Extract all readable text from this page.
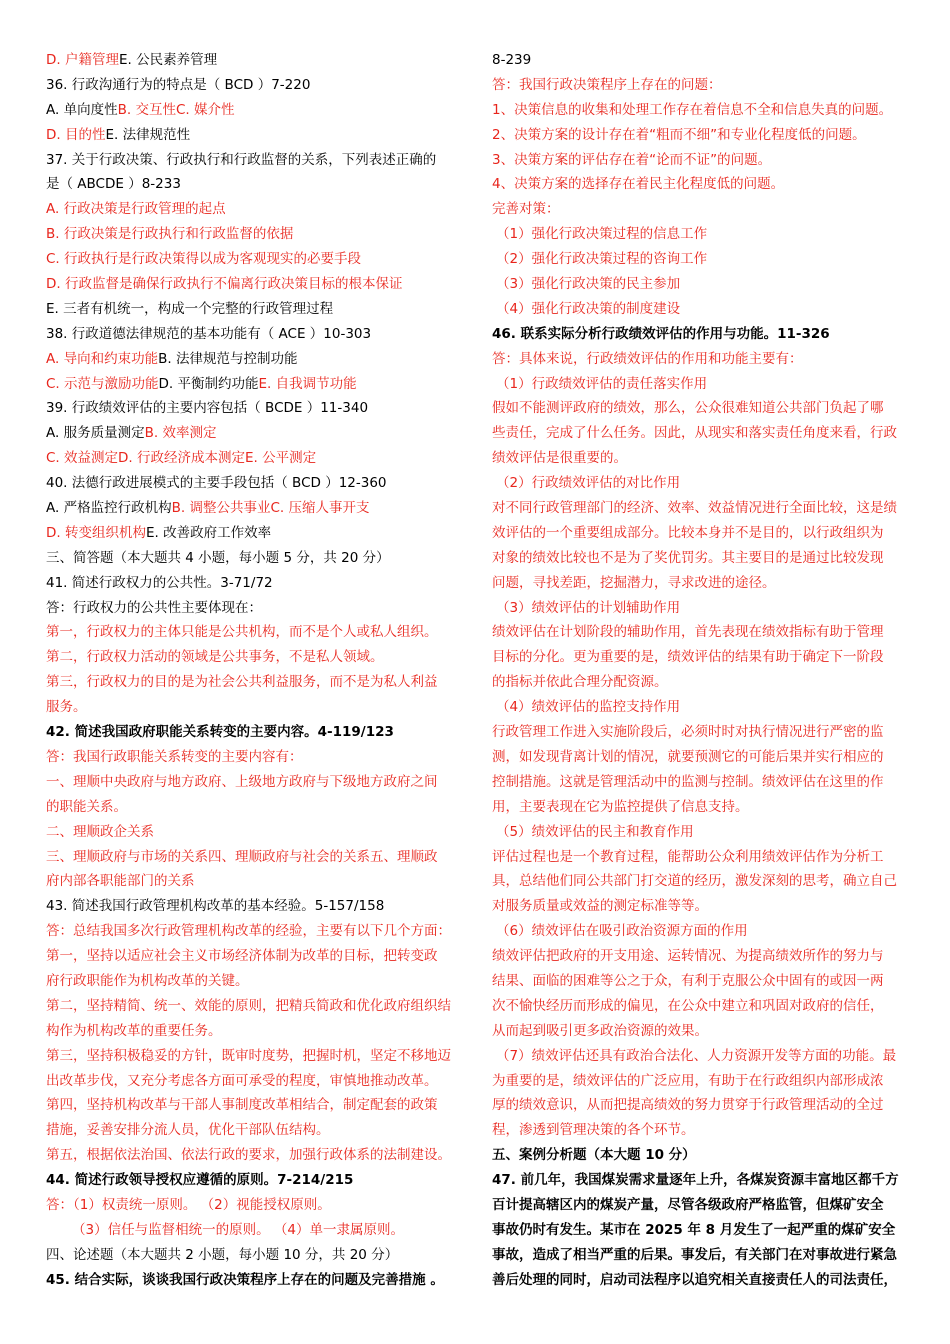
D. 户籍管理E. 公民素养管理
36. 行政沟通行为的特点是（ BCD ）7-220
A. 单向度性B. 交互性C. 媒介性
D. 目的性E. 法律规范性
37. 关于行政决策、行政执行和行政监督的关系，下列表述正确的
是（ ABCDE ）8-233
A. 行政决策是行政管理的起点
B. 行政决策是行政执行和行政监督的依据
C. 行政执行是行政决策得以成为客观现实的必要手段
D. 行政监督是确保行政执行不偏离行政决策目标的根本保证
E. 三者有机统一，构成一个完整的行政管理过程
38. 行政道德法律规范的基本功能有（ ACE ）10-303
A. 导向和约束功能B. 法律规范与控制功能
C. 示范与激励功能D. 平衡制约功能E. 自我调节功能
39. 行政绩效评估的主要内容包括（ BCDE ）11-340
A. 服务质量测定B. 效率测定
C. 效益测定D. 行政经济成本测定E. 公平测定
40. 法德行政进展模式的主要手段包括（ BCD ）12-360
A. 严格监控行政机构B. 调整公共事业C. 压缩人事开支
D. 转变组织机构E. 改善政府工作效率
三、简答题（本大题共 4 小题，每小题 5 分，共 20 分）
41. 简述行政权力的公共性。3-71/72
答：行政权力的公共性主要体现在：
第一，行政权力的主体只能是公共机构，而不是个人或私人组织。
第二，行政权力活动的领域是公共事务，不是私人领域。
第三，行政权力的目的是为社会公共利益服务，而不是为私人利益
服务。
42. 简述我国政府职能关系转变的主要内容。4-119/123
答：我国行政职能关系转变的主要内容有：
一、理顺中央政府与地方政府、上级地方政府与下级地方政府之间
的职能关系。
二、理顺政企关系
三、理顺政府与市场的关系四、理顺政府与社会的关系五、理顺政
府内部各职能部门的关系
43. 简述我国行政管理机构改革的基本经验。5-157/158
答：总结我国多次行政管理机构改革的经验，主要有以下几个方面：
第一，坚持以适应社会主义市场经济体制为改革的目标，把转变政
府行政职能作为机构改革的关键。
第二，坚持精简、统一、效能的原则，把精兵简政和优化政府组织结
构作为机构改革的重要任务。
第三，坚持积极稳妥的方针，既审时度势，把握时机，坚定不移地迈
出改革步伐，又充分考虑各方面可承受的程度，审慎地推动改革。
第四，坚持机构改革与干部人事制度改革相结合，制定配套的政策
措施，妥善安排分流人员，优化干部队伍结构。
第五，根据依法治国、依法行政的要求，加强行政体系的法制建设。
44. 简述行政领导授权应遵循的原则。7-214/215
答：（1）权责统一原则。 （2）视能授权原则。
（3）信任与监督相统一的原则。 （4）单一隶属原则。
四、论述题（本大题共 2 小题，每小题 10 分，共 20 分）
45. 结合实际，谈谈我国行政决策程序上存在的问题及完善措施 。
8-239
答：我国行政决策程序上存在的问题：
1、决策信息的收集和处理工作存在着信息不全和信息失真的问题。
2、决策方案的设计存在着“粗而不细”和专业化程度低的问题。
3、决策方案的评估存在着“论而不证”的问题。
4、决策方案的选择存在着民主化程度低的问题。
完善对策：
（1）强化行政决策过程的信息工作
（2）强化行政决策过程的咨询工作
（3）强化行政决策的民主参加
（4）强化行政决策的制度建设
46. 联系实际分析行政绩效评估的作用与功能。11-326
答：具体来说，行政绩效评估的作用和功能主要有：
（1）行政绩效评估的责任落实作用
假如不能测评政府的绩效，那么，公众很难知道公共部门负起了哪
些责任，完成了什么任务。因此，从现实和落实责任角度来看，行政
绩效评估是很重要的。
（2）行政绩效评估的对比作用
对不同行政管理部门的经济、效率、效益情况进行全面比较，这是绩
效评估的一个重要组成部分。比较本身并不是目的，以行政组织为
对象的绩效比较也不是为了奖优罚劣。其主要目的是通过比较发现
问题，寻找差距，挖掘潜力，寻求改进的途径。
（3）绩效评估的计划辅助作用
绩效评估在计划阶段的辅助作用，首先表现在绩效指标有助于管理
目标的分化。更为重要的是，绩效评估的结果有助于确定下一阶段
的指标并依此合理分配资源。
（4）绩效评估的监控支持作用
行政管理工作进入实施阶段后，必须时时对执行情况进行严密的监
测，如发现背离计划的情况，就要预测它的可能后果并实行相应的
控制措施。这就是管理活动中的监测与控制。绩效评估在这里的作
用，主要表现在它为监控提供了信息支持。
（5）绩效评估的民主和教育作用
评估过程也是一个教育过程，能帮助公众利用绩效评估作为分析工
具，总结他们同公共部门打交道的经历，激发深刻的思考，确立自己
对服务质量或效益的测定标准等等。
（6）绩效评估在吸引政治资源方面的作用
绩效评估把政府的开支用途、运转情况、为提高绩效所作的努力与
结果、面临的困难等公之于众，有利于克服公众中固有的或因一两
次不愉快经历而形成的偏见，在公众中建立和巩固对政府的信任，
从而起到吸引更多政治资源的效果。
（7）绩效评估还具有政治合法化、人力资源开发等方面的功能。最
为重要的是，绩效评估的广泛应用，有助于在行政组织内部形成浓
厚的绩效意识，从而把提高绩效的努力贯穿于行政管理活动的全过
程，渗透到管理决策的各个环节。
五、案例分析题（本大题 10 分）
47. 前几年，我国煤炭需求量逐年上升，各煤炭资源丰富地区都千方
百计提高辖区内的煤炭产量，尽管各级政府严格监管，但煤矿安全
事故仍时有发生。某市在 2025 年 8 月发生了一起严重的煤矿安全
事故，造成了相当严重的后果。事发后，有关部门在对事故进行紧急
善后处理的同时，启动司法程序以追究相关直接责任人的司法责任，
